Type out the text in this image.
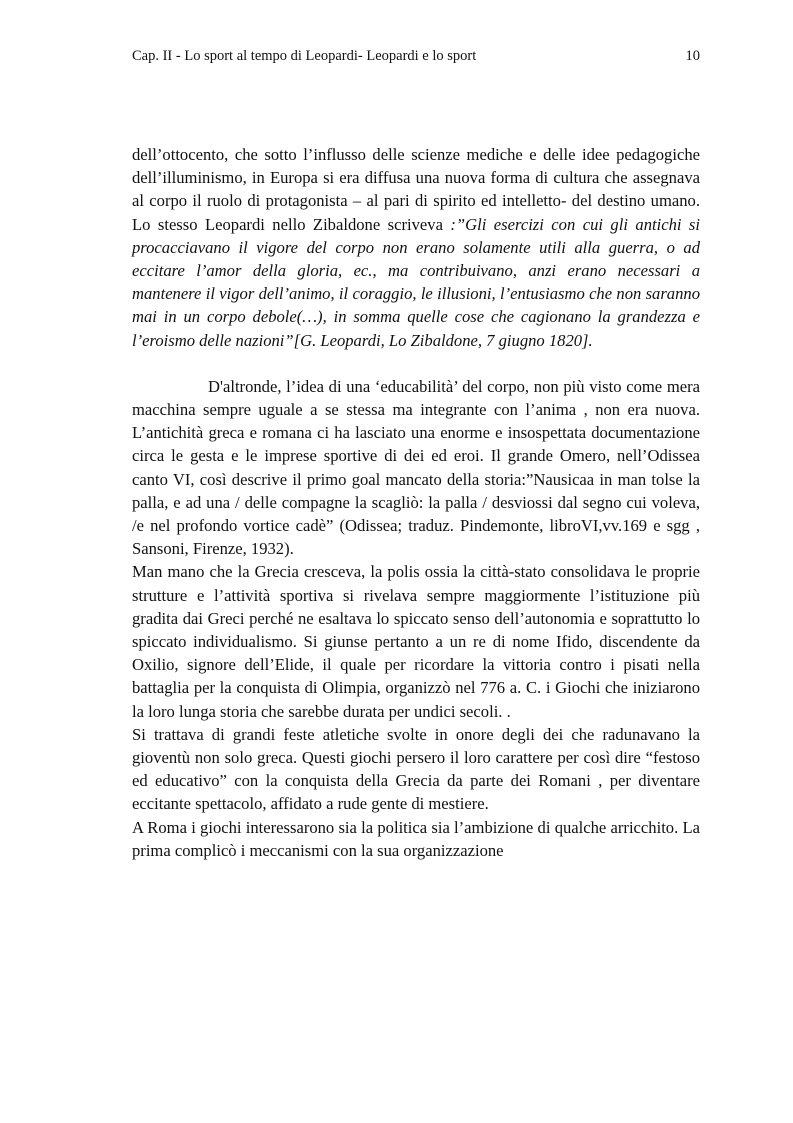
Cap. II - Lo sport al tempo di Leopardi- Leopardi e lo sport	10

dell’ottocento, che sotto l’influsso delle scienze mediche e delle idee pedagogiche dell’illuminismo, in Europa si era diffusa una nuova forma di cultura che assegnava al corpo il ruolo di protagonista – al pari di spirito ed intelletto- del destino umano. Lo stesso Leopardi nello Zibaldone scriveva :”Gli esercizi con cui gli antichi si procacciavano il vigore del corpo non erano solamente utili alla guerra, o ad eccitare l’amor della gloria, ec., ma contribuivano, anzi erano necessari a mantenere il vigor dell’animo, il coraggio, le illusioni, l’entusiasmo che non saranno mai in un corpo debole(…), in somma quelle cose che cagionano la grandezza e l’eroismo delle nazioni”[G. Leopardi, Lo Zibaldone, 7 giugno 1820].

D'altronde, l’idea di una ‘educabilità’ del corpo, non più visto come mera macchina sempre uguale a se stessa ma integrante con l’anima , non era nuova. L’antichità greca e romana ci ha lasciato una enorme e insospettata documentazione circa le gesta e le imprese sportive di dei ed eroi. Il grande Omero, nell’Odissea canto VI, così descrive il primo goal mancato della storia:”Nausicaa in man tolse la palla, e ad una / delle compagne la scagliò: la palla / desviossi dal segno cui voleva, /e nel profondo vortice cadè” (Odissea; traduz. Pindemonte, libroVI,vv.169 e sgg , Sansoni, Firenze, 1932).

Man mano che la Grecia cresceva, la polis ossia la città-stato consolidava le proprie strutture e l’attività sportiva si rivelava sempre maggiormente l’istituzione più gradita dai Greci perché ne esaltava lo spiccato senso dell’autonomia e soprattutto lo spiccato individualismo. Si giunse pertanto a un re di nome Ifido, discendente da Oxilio, signore dell’Elide, il quale per ricordare la vittoria contro i pisati nella battaglia per la conquista di Olimpia, organizzò nel 776 a. C. i Giochi che iniziarono la loro lunga storia che sarebbe durata per undici secoli. .

Si trattava di grandi feste atletiche svolte in onore degli dei che radunavano la gioventù non solo greca. Questi giochi persero il loro carattere per così dire “festoso ed educativo” con la conquista della Grecia da parte dei Romani , per diventare eccitante spettacolo, affidato a rude gente di mestiere.

A Roma i giochi interessarono sia la politica sia l’ambizione di qualche arricchito. La prima complicò i meccanismi con la sua organizzazione
